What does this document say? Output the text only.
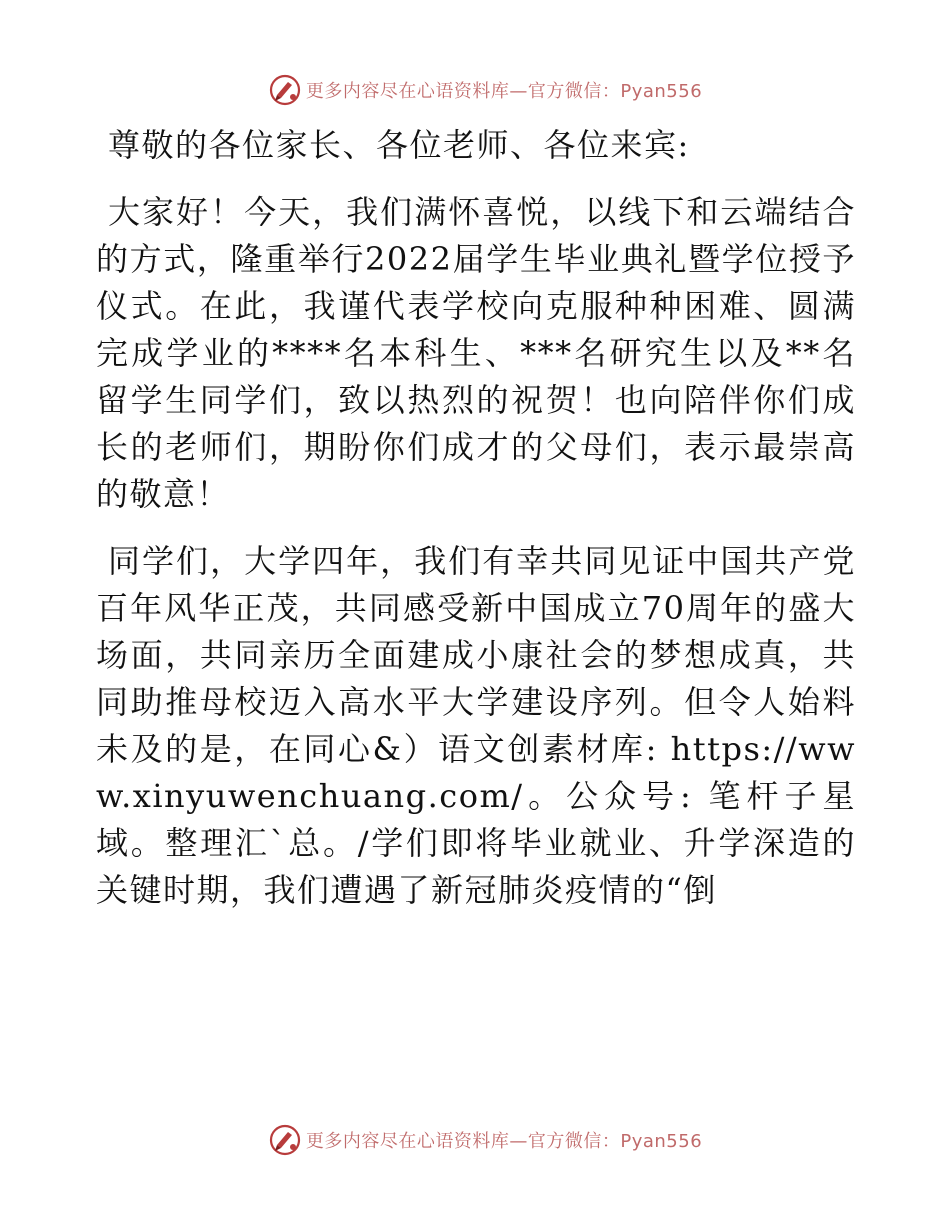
更多内容尽在心语资料库—官方微信：Pyan556

尊敬的各位家长、各位老师、各位来宾:

大家好！今天，我们满怀喜悦，以线下和云端结合的方式，隆重举行2022届学生毕业典礼暨学位授予仪式。在此，我谨代表学校向克服种种困难、圆满完成学业的****名本科生、***名研究生以及**名留学生同学们，致以热烈的祝贺！也向陪伴你们成长的老师们，期盼你们成才的父母们，表示最崇高的敬意！

同学们，大学四年，我们有幸共同见证中国共产党百年风华正茂，共同感受新中国成立70周年的盛大场面，共同亲历全面建成小康社会的梦想成真，共同助推母校迈入高水平大学建设序列。但令人始料未及的是，在同心&）语文创素材库: https://www.xinyuwenchuang.com/。公众号: 笔杆子星域。整理汇`总。/学们即将毕业就业、升学深造的关键时期，我们遭遇了新冠肺炎疫情的“倒

更多内容尽在心语资料库—官方微信：Pyan556
